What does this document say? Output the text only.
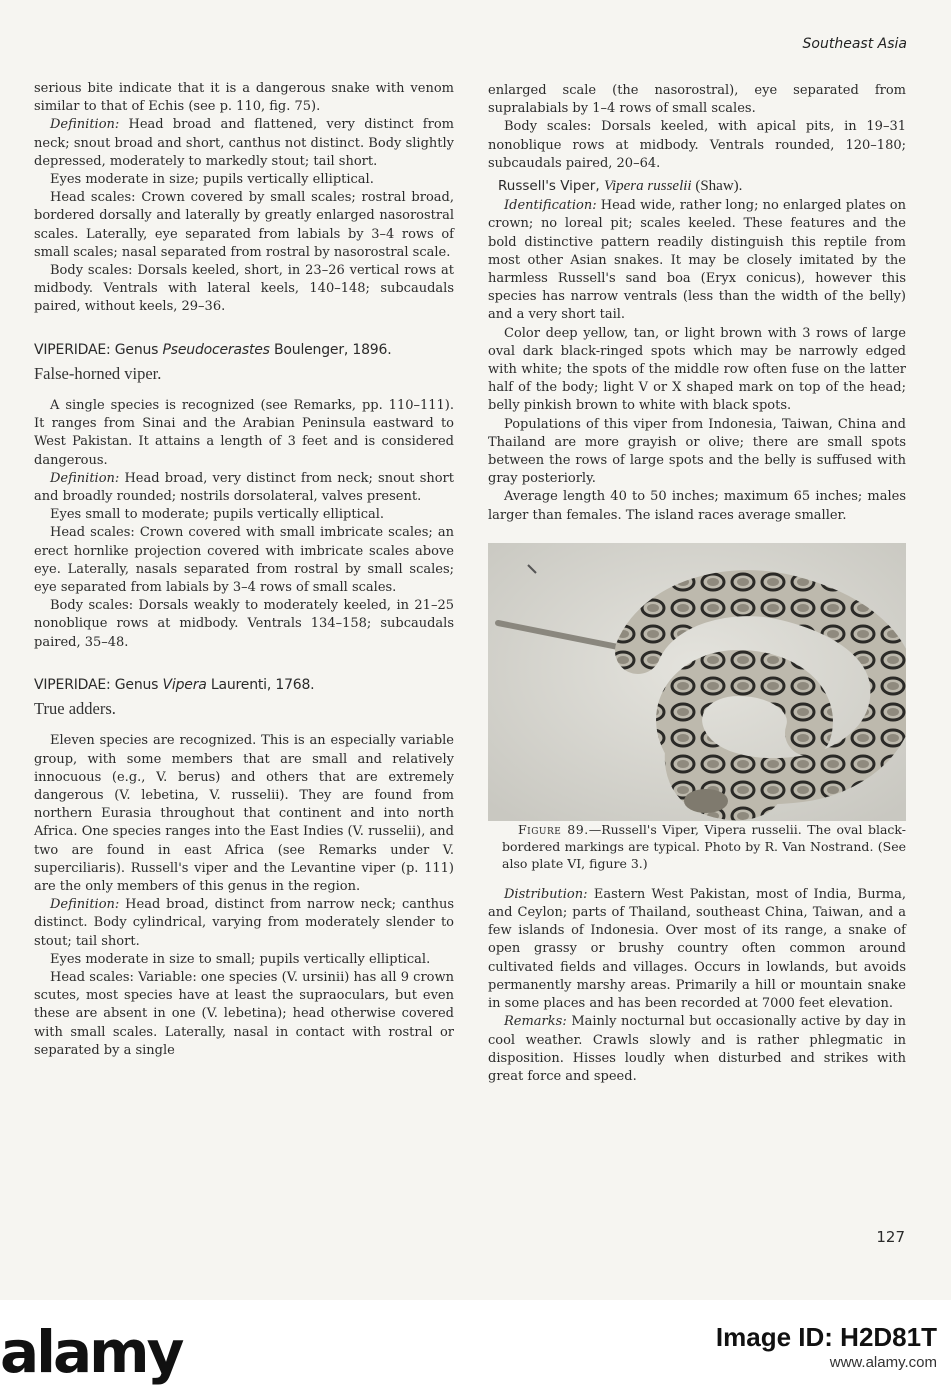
Southeast Asia

serious bite indicate that it is a dangerous snake with venom similar to that of Echis (see p. 110, fig. 75).

Definition: Head broad and flattened, very distinct from neck; snout broad and short, canthus not distinct. Body slightly depressed, moderately to markedly stout; tail short.

Eyes moderate in size; pupils vertically elliptical.

Head scales: Crown covered by small scales; rostral broad, bordered dorsally and laterally by greatly enlarged nasorostral scales. Laterally, eye separated from labials by 3–4 rows of small scales; nasal separated from rostral by nasorostral scale.

Body scales: Dorsals keeled, short, in 23–26 vertical rows at midbody. Ventrals with lateral keels, 140–148; subcaudals paired, without keels, 29–36.

VIPERIDAE: Genus Pseudocerastes Boulenger, 1896.
False-horned viper.

A single species is recognized (see Remarks, pp. 110–111). It ranges from Sinai and the Arabian Peninsula eastward to West Pakistan. It attains a length of 3 feet and is considered dangerous.

Definition: Head broad, very distinct from neck; snout short and broadly rounded; nostrils dorsolateral, valves present.

Eyes small to moderate; pupils vertically elliptical.

Head scales: Crown covered with small imbricate scales; an erect hornlike projection covered with imbricate scales above eye. Laterally, nasals separated from rostral by small scales; eye separated from labials by 3–4 rows of small scales.

Body scales: Dorsals weakly to moderately keeled, in 21–25 nonoblique rows at midbody. Ventrals 134–158; subcaudals paired, 35–48.

VIPERIDAE: Genus Vipera Laurenti, 1768.
True adders.

Eleven species are recognized. This is an especially variable group, with some members that are small and relatively innocuous (e.g., V. berus) and others that are extremely dangerous (V. lebetina, V. russelii). They are found from northern Eurasia throughout that continent and into north Africa. One species ranges into the East Indies (V. russelii), and two are found in east Africa (see Remarks under V. superciliaris). Russell's viper and the Levantine viper (p. 111) are the only members of this genus in the region.

Definition: Head broad, distinct from narrow neck; canthus distinct. Body cylindrical, varying from moderately slender to stout; tail short.

Eyes moderate in size to small; pupils vertically elliptical.

Head scales: Variable: one species (V. ursinii) has all 9 crown scutes, most species have at least the supraoculars, but even these are absent in one (V. lebetina); head otherwise covered with small scales. Laterally, nasal in contact with rostral or separated by a single

enlarged scale (the nasorostral), eye separated from supralabials by 1–4 rows of small scales.

Body scales: Dorsals keeled, with apical pits, in 19–31 nonoblique rows at midbody. Ventrals rounded, 120–180; subcaudals paired, 20–64.

Russell's Viper, Vipera russelii (Shaw).

Identification: Head wide, rather long; no enlarged plates on crown; no loreal pit; scales keeled. These features and the bold distinctive pattern readily distinguish this reptile from most other Asian snakes. It may be closely imitated by the harmless Russell's sand boa (Eryx conicus), however this species has narrow ventrals (less than the width of the belly) and a very short tail.

Color deep yellow, tan, or light brown with 3 rows of large oval dark black-ringed spots which may be narrowly edged with white; the spots of the middle row often fuse on the latter half of the body; light V or X shaped mark on top of the head; belly pinkish brown to white with black spots.

Populations of this viper from Indonesia, Taiwan, China and Thailand are more grayish or olive; there are small spots between the rows of large spots and the belly is suffused with gray posteriorly.

Average length 40 to 50 inches; maximum 65 inches; males larger than females. The island races average smaller.

Figure 89.—Russell's Viper, Vipera russelii. The oval black-bordered markings are typical. Photo by R. Van Nostrand. (See also plate VI, figure 3.)

Distribution: Eastern West Pakistan, most of India, Burma, and Ceylon; parts of Thailand, southeast China, Taiwan, and a few islands of Indonesia. Over most of its range, a snake of open grassy or brushy country often common around cultivated fields and villages. Occurs in lowlands, but avoids permanently marshy areas. Primarily a hill or mountain snake in some places and has been recorded at 7000 feet elevation.

Remarks: Mainly nocturnal but occasionally active by day in cool weather. Crawls slowly and is rather phlegmatic in disposition. Hisses loudly when disturbed and strikes with great force and speed.

127
alamy	Image ID: H2D81T
www.alamy.com
